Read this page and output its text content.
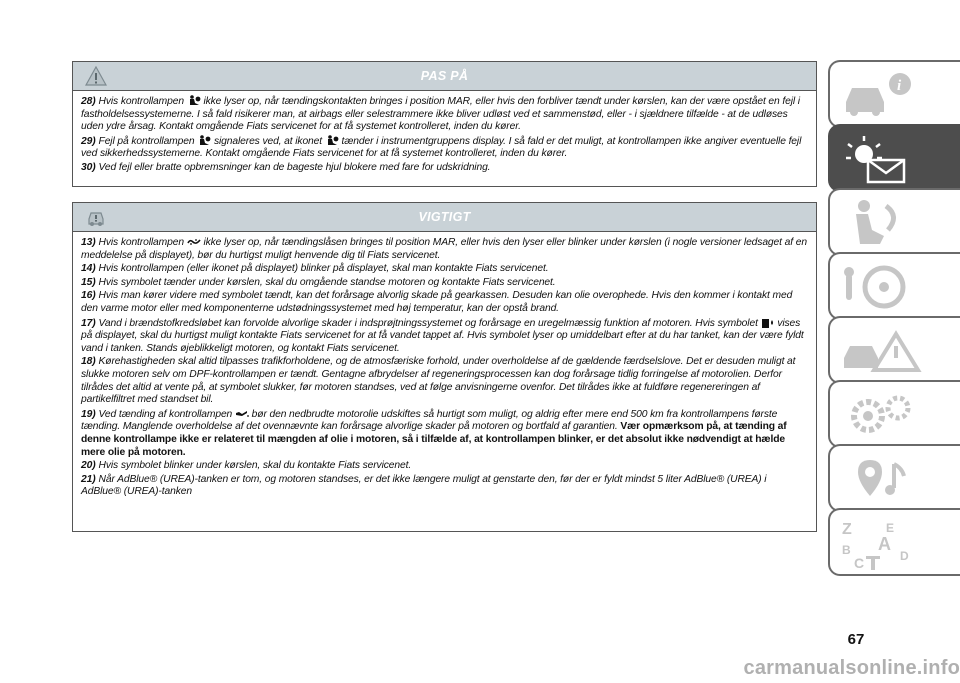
PAS PÅ

28) Hvis kontrollampen ikke lyser op, når tændingskontakten bringes i position MAR, eller hvis den forbliver tændt under kørslen, kan der være opstået en fejl i fastholdelsessystemerne. I så fald risikerer man, at airbags eller selestrammere ikke bliver udløst ved et sammenstød, eller - i sjældnere tilfælde - at de udløses uden ydre årsag. Kontakt omgående Fiats servicenet for at få systemet kontrolleret, inden du kører.

29) Fejl på kontrollampen signaleres ved, at ikonet tænder i instrumentgruppens display. I så fald er det muligt, at kontrollampen ikke angiver eventuelle fejl ved sikkerhedssystemerne. Kontakt omgående Fiats servicenet for at få systemet kontrolleret, inden du kører.

30) Ved fejl eller bratte opbremsninger kan de bageste hjul blokere med fare for udskridning.

VIGTIGT

13) Hvis kontrollampen ikke lyser op, når tændingslåsen bringes til position MAR, eller hvis den lyser eller blinker under kørslen (i nogle versioner ledsaget af en meddelelse på displayet), bør du hurtigst muligt henvende dig til Fiats servicenet.

14) Hvis kontrollampen (eller ikonet på displayet) blinker på displayet, skal man kontakte Fiats servicenet.

15) Hvis symbolet tænder under kørslen, skal du omgående standse motoren og kontakte Fiats servicenet.

16) Hvis man kører videre med symbolet tændt, kan det forårsage alvorlig skade på gearkassen. Desuden kan olie overophede. Hvis den kommer i kontakt med den varme motor eller med komponenterne udstødningssystemet med høj temperatur, kan der opstå brand.

17) Vand i brændstofkredsløbet kan forvolde alvorlige skader i indsprøjtningssystemet og forårsage en uregelmæssig funktion af motoren. Hvis symbolet vises på displayet, skal du hurtigst muligt kontakte Fiats servicenet for at få vandet tappet af. Hvis symbolet lyser op umiddelbart efter at du har tanket, kan der være fyldt vand i tanken. Stands øjeblikkeligt motoren, og kontakt Fiats servicenet.

18) Kørehastigheden skal altid tilpasses trafikforholdene, og de atmosfæriske forhold, under overholdelse af de gældende færdselslove. Det er desuden muligt at slukke motoren selv om DPF-kontrollampen er tændt. Gentagne afbrydelser af regeneringsprocessen kan dog forårsage tidlig forringelse af motorolien. Derfor tilrådes det altid at vente på, at symbolet slukker, før motoren standses, ved at følge anvisningerne ovenfor. Det tilrådes ikke at fuldføre regenereringen af partikelfiltret med standset bil.

19) Ved tænding af kontrollampen bør den nedbrudte motorolie udskiftes så hurtigt som muligt, og aldrig efter mere end 500 km fra kontrollampens første tænding. Manglende overholdelse af det ovennævnte kan forårsage alvorlige skader på motoren og bortfald af garantien. Vær opmærksom på, at tænding af denne kontrollampe ikke er relateret til mængden af olie i motoren, så i tilfælde af, at kontrollampen blinker, er det absolut ikke nødvendigt at hælde mere olie på motoren.

20) Hvis symbolet blinker under kørslen, skal du kontakte Fiats servicenet.

21) Når AdBlue® (UREA)-tanken er tom, og motoren standses, er det ikke længere muligt at genstarte den, før der er fyldt mindst 5 liter AdBlue® (UREA) i AdBlue® (UREA)-tanken

i
Z	E
B A
C	D
67
carmanualsonline.info
